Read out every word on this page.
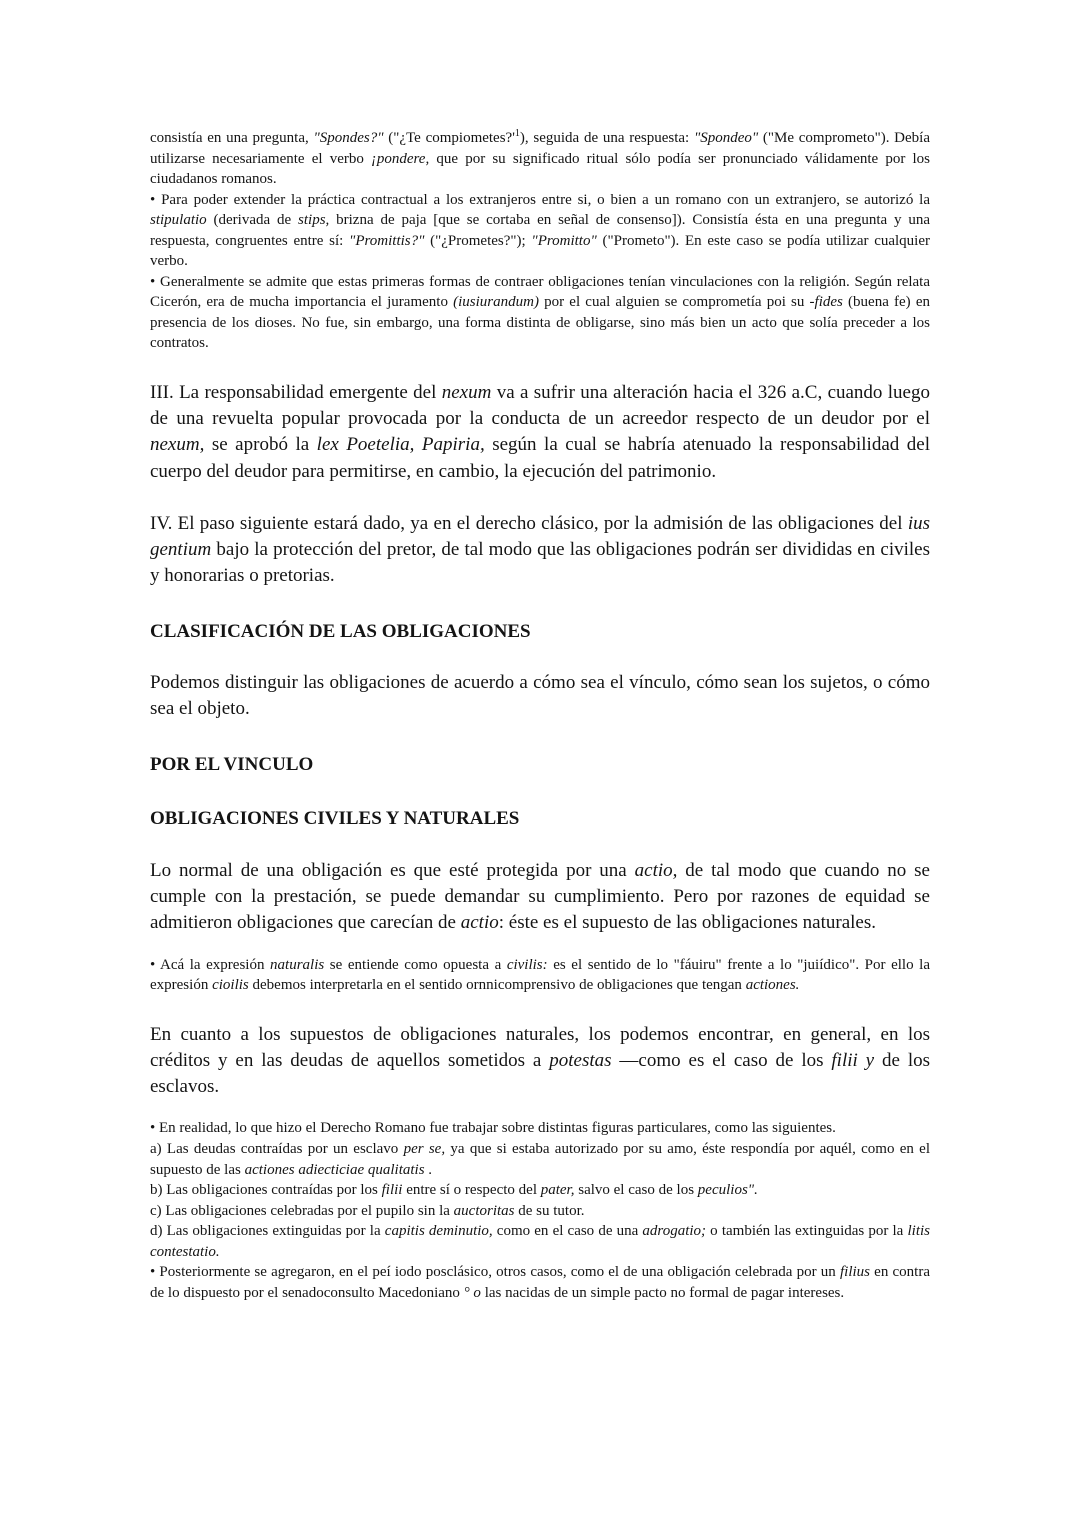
consistía en una pregunta, "Spondes?" ("¿Te $compiometes?'^1$), seguida de una respuesta: "Spondeo" ("Me comprometo"). Debía utilizarse necesariamente el verbo ¡pondere, que por su significado ritual sólo podía ser pronunciado válidamente por los ciudadanos romanos.
• Para poder extender la práctica contractual a los extranjeros entre si, o bien a un romano con un extranjero, se autorizó la stipulatio (derivada de stips, brizna de paja [que se cortaba en señal de consenso]). Consistía ésta en una pregunta y una respuesta, congruentes entre sí: "Promittis?" ("¿Prometes?"); "Promitto" ("Prometo"). En este caso se podía utilizar cualquier verbo.
• Generalmente se admite que estas primeras formas de contraer obligaciones tenían vinculaciones con la religión. Según relata Cicerón, era de mucha importancia el juramento (iusiurandum) por el cual alguien se comprometía poi su -fides (buena fe) en presencia de los dioses. No fue, sin embargo, una forma distinta de obligarse, sino más bien un acto que solía preceder a los contratos.
III. La responsabilidad emergente del nexum va a sufrir una alteración hacia el 326 a.C, cuando luego de una revuelta popular provocada por la conducta de un acreedor respecto de un deudor por el nexum, se aprobó la lex Poetelia, Papiria, según la cual se habría atenuado la responsabilidad del cuerpo del deudor para permitirse, en cambio, la ejecución del patrimonio.
IV. El paso siguiente estará dado, ya en el derecho clásico, por la admisión de las obligaciones del ius gentium bajo la protección del pretor, de tal modo que las obligaciones podrán ser divididas en civiles y honorarias o pretorias.
CLASIFICACIÓN DE LAS OBLIGACIONES
Podemos distinguir las obligaciones de acuerdo a cómo sea el vínculo, cómo sean los sujetos, o cómo sea el objeto.
POR EL VINCULO
OBLIGACIONES CIVILES Y NATURALES
Lo normal de una obligación es que esté protegida por una actio, de tal modo que cuando no se cumple con la prestación, se puede demandar su cumplimiento. Pero por razones de equidad se admitieron obligaciones que carecían de actio: éste es el supuesto de las obligaciones naturales.
• Acá la expresión naturalis se entiende como opuesta a civilis: es el sentido de lo "fáuiru" frente a lo "juiídico". Por ello la expresión cioilis debemos interpretarla en el sentido ornnicomprensivo de obligaciones que tengan actiones.
En cuanto a los supuestos de obligaciones naturales, los podemos encontrar, en general, en los créditos y en las deudas de aquellos sometidos a potestas —como es el caso de los filii y de los esclavos.
• En realidad, lo que hizo el Derecho Romano fue trabajar sobre distintas figuras particulares, como las siguientes.
a) Las deudas contraídas por un esclavo per se, ya que si estaba autorizado por su amo, éste respondía por aquél, como en el supuesto de las actiones adiecticiae qualitatis .
b) Las obligaciones contraídas por los filii entre sí o respecto del pater, salvo el caso de los peculios".
c) Las obligaciones celebradas por el pupilo sin la auctoritas de su tutor.
d) Las obligaciones extinguidas por la capitis deminutio, como en el caso de una adrogatio; o también las extinguidas por la litis contestatio.
• Posteriormente se agregaron, en el peí iodo posclásico, otros casos, como el de una obligación celebrada por un filius en contra de lo dispuesto por el senadoconsulto Macedoniano ° o las nacidas de un simple pacto no formal de pagar intereses.
